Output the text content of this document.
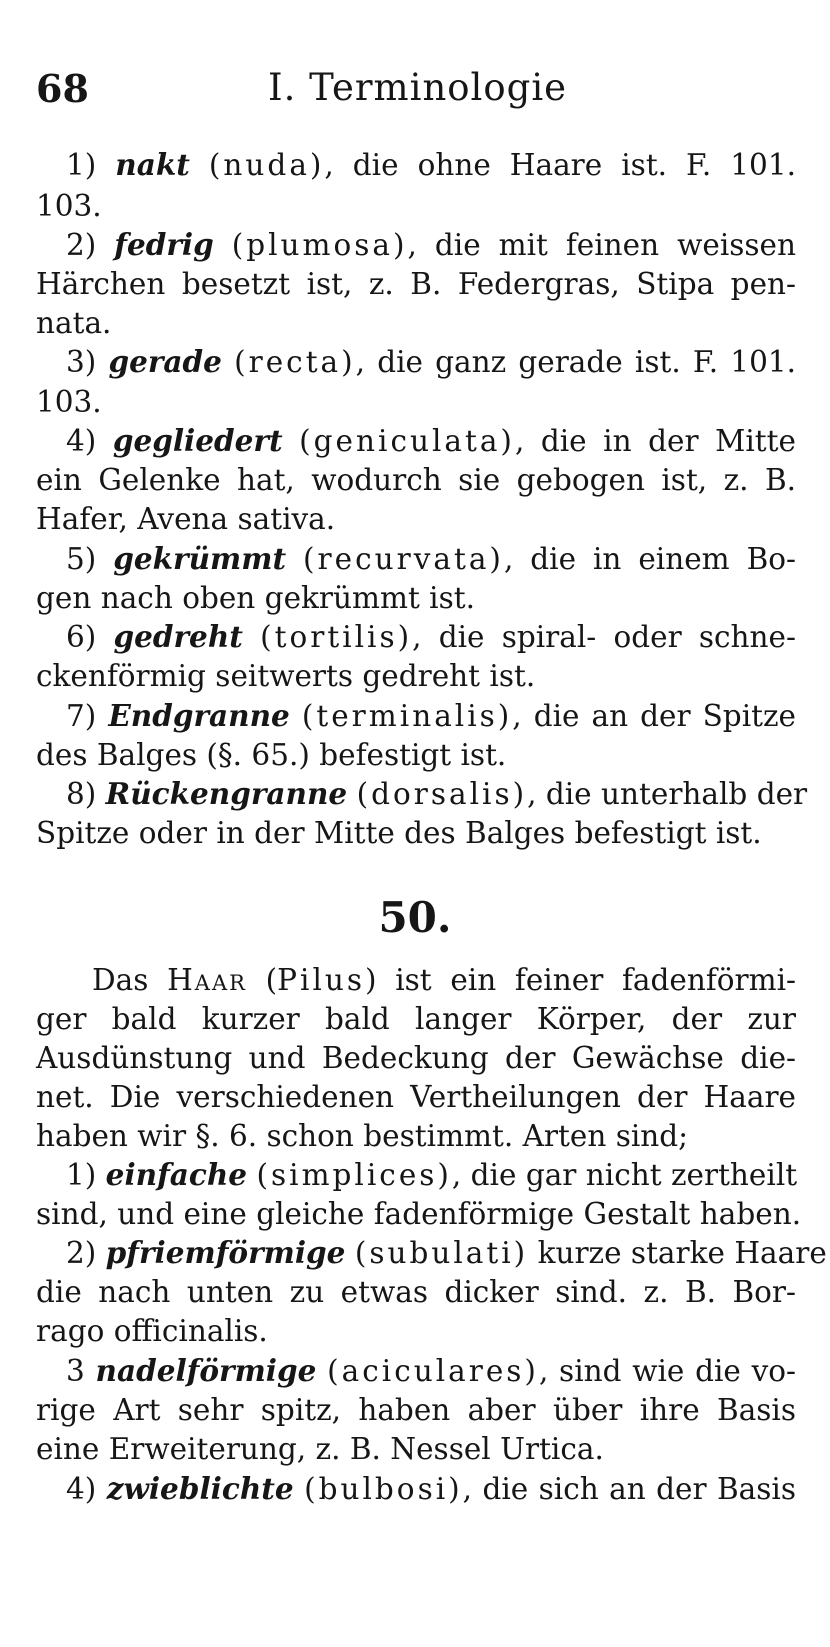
68	I. Terminologie
1) nakt (nuda), die ohne Haare ist. F. 101.
103.
2) fedrig (plumosa), die mit feinen weissen
Härchen besetzt ist, z. B. Federgras, Stipa pen-
nata.
3) gerade (recta), die ganz gerade ist. F. 101.
103.
4) gegliedert (geniculata), die in der Mitte
ein Gelenke hat, wodurch sie gebogen ist, z. B.
Hafer, Avena sativa.
5) gekrümmt (recurvata), die in einem Bo-
gen nach oben gekrümmt ist.
6) gedreht (tortilis), die spiral- oder schne-
ckenförmig seitwerts gedreht ist.
7) Endgranne (terminalis), die an der Spitze
des Balges (§. 65.) befestigt ist.
8) Rückengranne (dorsalis), die unterhalb der
Spitze oder in der Mitte des Balges befestigt ist.
50.
Das Haar (Pilus) ist ein feiner fadenförmi-
ger bald kurzer bald langer Körper, der zur
Ausdünstung und Bedeckung der Gewächse die-
net. Die verschiedenen Vertheilungen der Haare
haben wir §. 6. schon bestimmt. Arten sind;
1) einfache (simplices), die gar nicht zertheilt
sind, und eine gleiche fadenförmige Gestalt haben.
2) pfriemförmige (subulati) kurze starke Haare
die nach unten zu etwas dicker sind. z. B. Bor-
rago officinalis.
3 nadelförmige (aciculares), sind wie die vo-
rige Art sehr spitz, haben aber über ihre Basis
eine Erweiterung, z. B. Nessel Urtica.
4) zwieblichte (bulbosi), die sich an der Basis
